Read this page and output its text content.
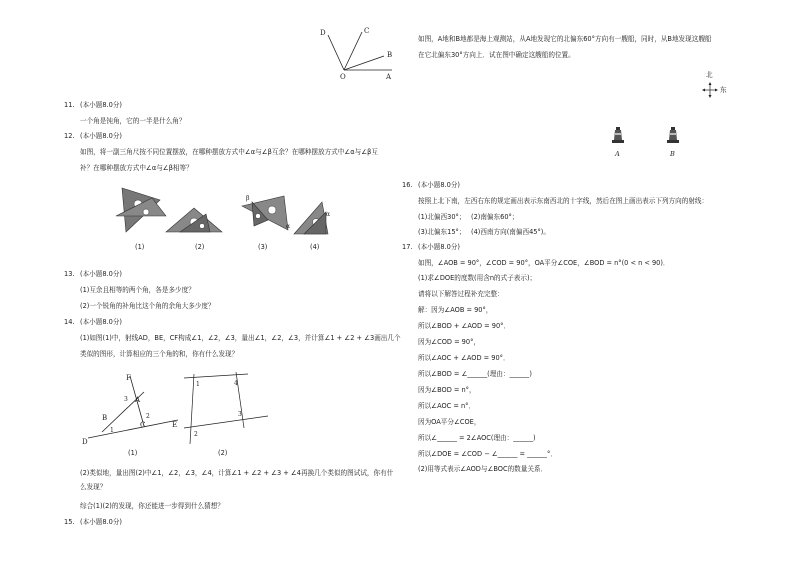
D	C
B
A
O
11. (本小题8.0分)
一个角是钝角，它的一半是什么角？
12. (本小题8.0分)
如图，将一副三角尺按不同位置摆放，在哪种摆放方式中∠α与∠β互余？在哪种摆放方式中∠α与∠β互
补？在哪种摆放方式中∠α与∠β相等？
β
α
α
(1)	(2)	(3)	(4)
13. (本小题8.0分)
(1)互余且相等的两个角，各是多少度？
(2)一个锐角的补角比这个角的余角大多少度？
14. (本小题8.0分)
(1)如图(1)中，射线AD，BE，CF构成∠1，∠2，∠3，量出∠1，∠2，∠3，并计算∠1 + ∠2 + ∠3画出几个
类似的图形，计算相应的三个角的和，你有什么发现？
F
A
3
B	2
C
1
D
E
(1)
1	4
3
2
(2)
(2)类似地，量出图(2)中∠1，∠2，∠3，∠4，计算∠1 + ∠2 + ∠3 + ∠4再换几个类似的图试试，你有什
么发现？
综合(1)(2)的发现，你还能进一步得到什么猜想？
15. (本小题8.0分)
如图，A地和B地都是海上观测站，从A地发现它的北偏东60°方向有一艘船，同时，从B地发现这艘船
在它北偏东30°方向上．试在图中确定这艘船的位置。
北
东
A	B
16. (本小题8.0分)
按照上北下南，左西右东的规定画出表示东南西北的十字线，然后在图上画出表示下列方向的射线：
(1)北偏西30°； (2)南偏东60°；
(3)北偏东15°； (4)西南方向(南偏西45°)。
17. (本小题8.0分)
如图，∠AOB = 90°，∠COD = 90°，OA平分∠COE，∠BOD = n°(0 < n < 90)．
(1)求∠DOE的度数(用含n的式子表示)；
请将以下解答过程补充完整：
解：因为∠AOB = 90°，
所以∠BOD + ∠AOD = 90°．
因为∠COD = 90°，
所以∠AOC + ∠AOD = 90°．
所以∠BOD = ∠______(理由：______)
因为∠BOD = n°，
所以∠AOC = n°．
因为OA平分∠COE，
所以∠______ = 2∠AOC(理由：______)
所以∠DOE = ∠COD − ∠______ = ______°．
(2)用等式表示∠AOD与∠BOC的数量关系．
